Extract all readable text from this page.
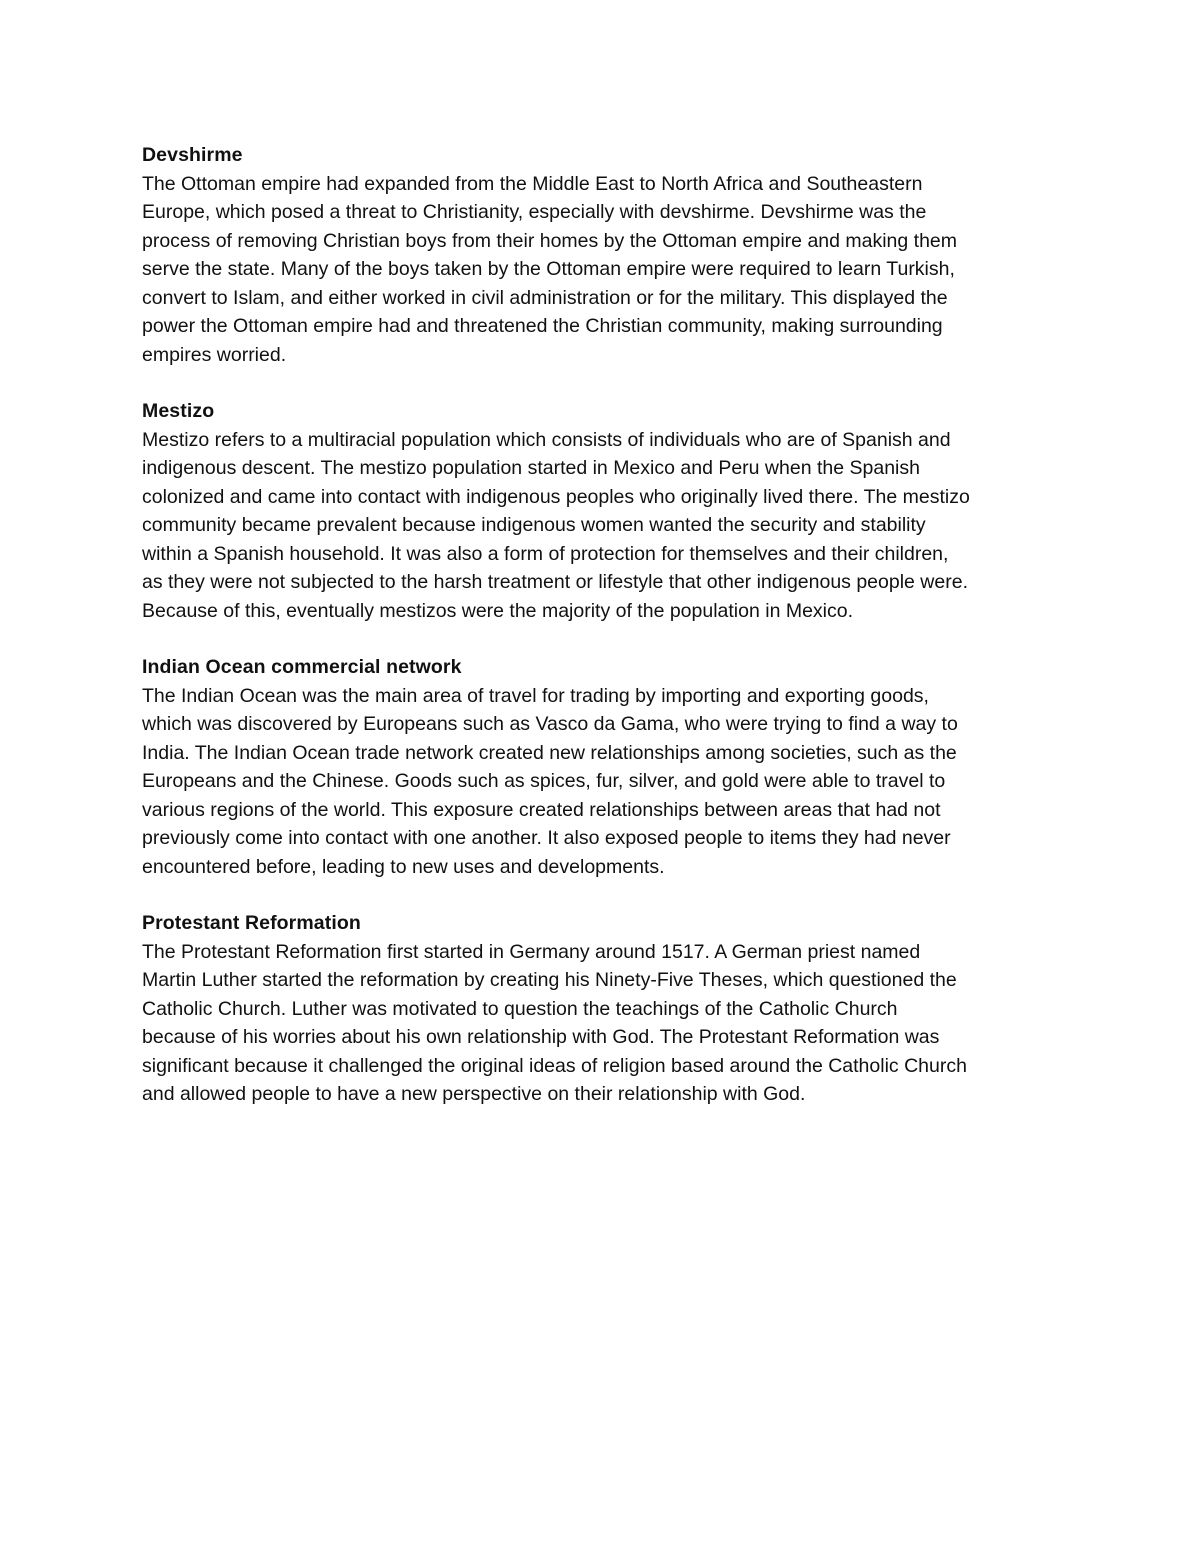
Devshirme

The Ottoman empire had expanded from the Middle East to North Africa and Southeastern
Europe, which posed a threat to Christianity, especially with devshirme. Devshirme was the
process of removing Christian boys from their homes by the Ottoman empire and making them
serve the state. Many of the boys taken by the Ottoman empire were required to learn Turkish,
convert to Islam, and either worked in civil administration or for the military. This displayed the
power the Ottoman empire had and threatened the Christian community, making surrounding
empires worried.

Mestizo

Mestizo refers to a multiracial population which consists of individuals who are of Spanish and
indigenous descent. The mestizo population started in Mexico and Peru when the Spanish
colonized and came into contact with indigenous peoples who originally lived there. The mestizo
community became prevalent because indigenous women wanted the security and stability
within a Spanish household. It was also a form of protection for themselves and their children,
as they were not subjected to the harsh treatment or lifestyle that other indigenous people were.
Because of this, eventually mestizos were the majority of the population in Mexico.

Indian Ocean commercial network

The Indian Ocean was the main area of travel for trading by importing and exporting goods,
which was discovered by Europeans such as Vasco da Gama, who were trying to find a way to
India. The Indian Ocean trade network created new relationships among societies, such as the
Europeans and the Chinese. Goods such as spices, fur, silver, and gold were able to travel to
various regions of the world. This exposure created relationships between areas that had not
previously come into contact with one another. It also exposed people to items they had never
encountered before, leading to new uses and developments.

Protestant Reformation

The Protestant Reformation first started in Germany around 1517. A German priest named
Martin Luther started the reformation by creating his Ninety-Five Theses, which questioned the
Catholic Church. Luther was motivated to question the teachings of the Catholic Church
because of his worries about his own relationship with God. The Protestant Reformation was
significant because it challenged the original ideas of religion based around the Catholic Church
and allowed people to have a new perspective on their relationship with God.
